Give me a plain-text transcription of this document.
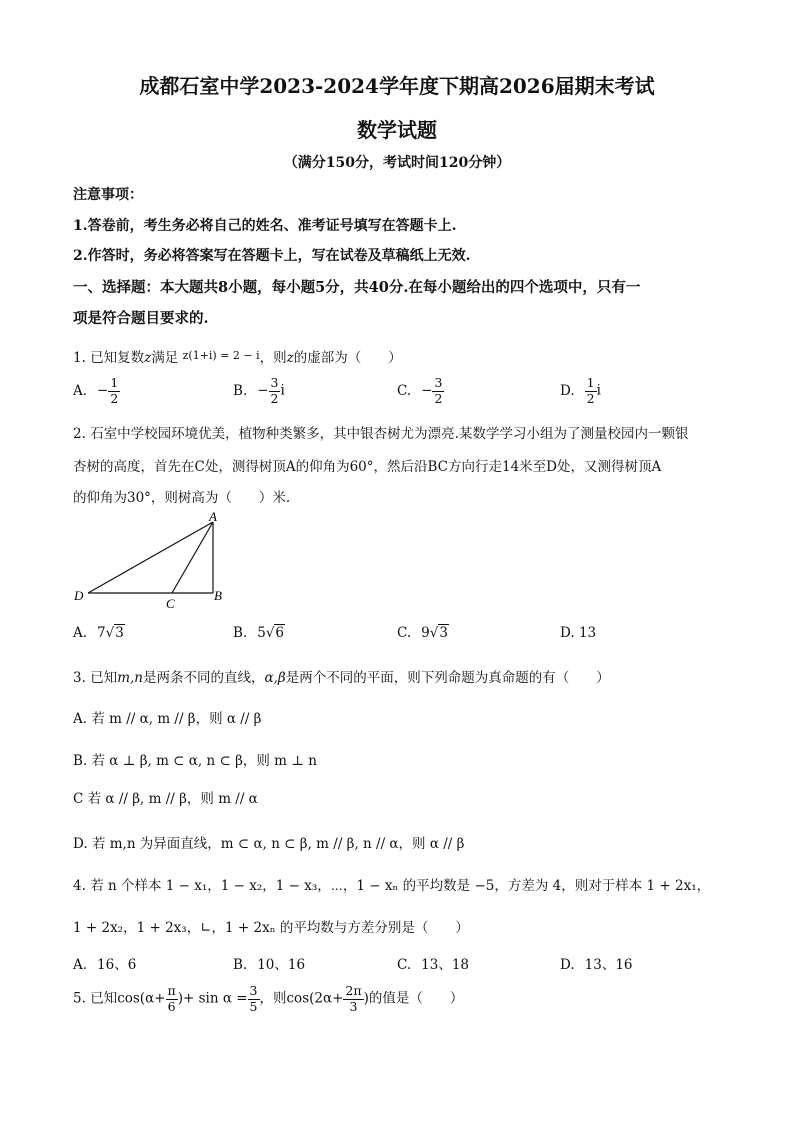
成都石室中学2023-2024学年度下期高2026届期末考试
数学试题
（满分150分，考试时间120分钟）
注意事项：
1.答卷前，考生务必将自己的姓名、准考证号填写在答题卡上.
2.作答时，务必将答案写在答题卡上，写在试卷及草稿纸上无效.
一、选择题：本大题共8小题，每小题5分，共40分.在每小题给出的四个选项中，只有一
项是符合题目要求的.
1. 已知复数z满足 $^{z(1+i) = 2 - i}$，则z的虚部为（　　）
A. − $\frac{1}{2}$	B. − $\frac{3}{2}$ i	C. − $\frac{3}{2}$	D. $\frac{1}{2}$ i
2. 石室中学校园环境优美，植物种类繁多，其中银杏树尤为漂亮.某数学学习小组为了测量校园内一颗银
杏树的高度，首先在C处，测得树顶A的仰角为60°，然后沿BC方向行走14米至D处，又测得树顶A
的仰角为30°，则树高为（　　）米.
A
B
C
D
A. 7√3	B. 5√6	C. 9√3	D. 13
3. 已知m,n是两条不同的直线，α,β是两个不同的平面，则下列命题为真命题的有（　　）
A. 若 m // α, m // β，则 α // β
B. 若 α ⊥ β, m ⊂ α, n ⊂ β，则 m ⊥ n
C 若 α // β, m // β，则 m // α
D. 若 m,n 为异面直线，m ⊂ α, n ⊂ β, m // β, n // α，则 α // β
4. 若 n 个样本 1 − x₁，1 − x₂，1 − x₃，⋯，1 − xₙ 的平均数是 −5，方差为 4，则对于样本 1 + 2x₁，
1 + 2x₂，1 + 2x₃，∟，1 + 2xₙ 的平均数与方差分别是（　　）
A. 16、6	B. 10、16	C. 13、18	D. 13、16
5. 已知$\cos(\alpha+ \frac{\pi}{6}$ )+ $\sin \alpha = \frac{3}{5}$ ，则$\cos(2\alpha+ \frac{2\pi}{3}$ )的值是（　　）
